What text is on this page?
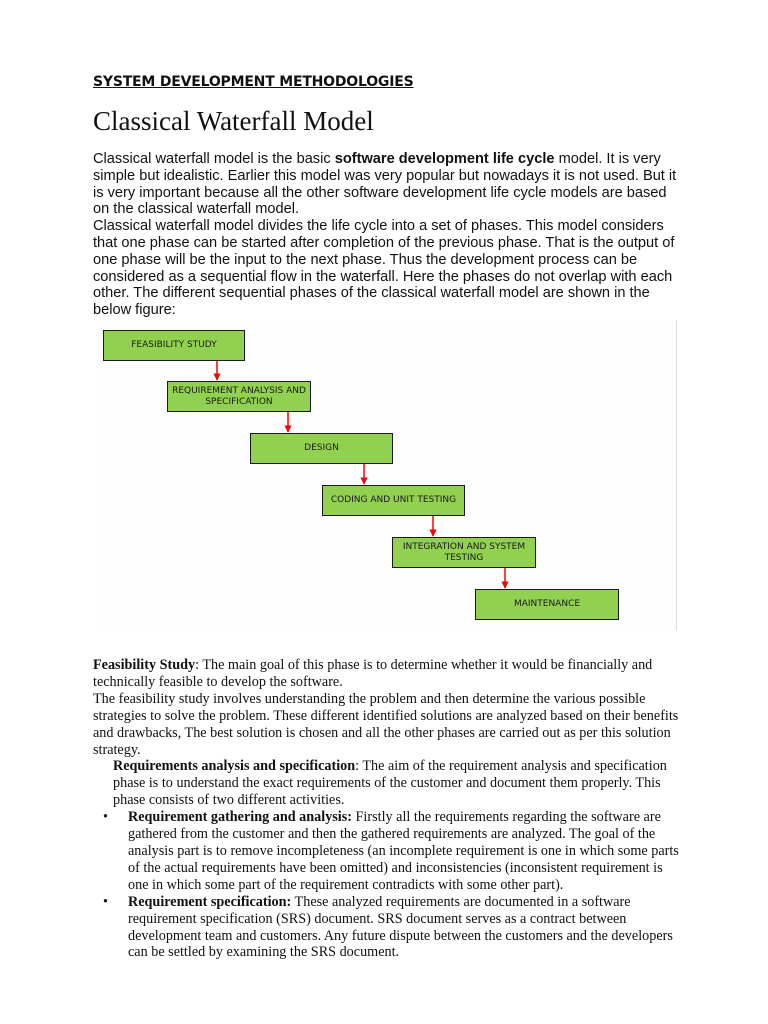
SYSTEM DEVELOPMENT METHODOLOGIES
Classical Waterfall Model

Classical waterfall model is the basic software development life cycle model. It is very simple but idealistic. Earlier this model was very popular but nowadays it is not used. But it is very important because all the other software development life cycle models are based on the classical waterfall model.

Classical waterfall model divides the life cycle into a set of phases. This model considers that one phase can be started after completion of the previous phase. That is the output of one phase will be the input to the next phase. Thus the development process can be considered as a sequential flow in the waterfall. Here the phases do not overlap with each other. The different sequential phases of the classical waterfall model are shown in the below figure:

FEASIBILITY STUDY
REQUIREMENT ANALYSIS AND SPECIFICATION
DESIGN
CODING AND UNIT TESTING
INTEGRATION AND SYSTEM TESTING
MAINTENANCE

Feasibility Study: The main goal of this phase is to determine whether it would be financially and technically feasible to develop the software.

The feasibility study involves understanding the problem and then determine the various possible strategies to solve the problem. These different identified solutions are analyzed based on their benefits and drawbacks, The best solution is chosen and all the other phases are carried out as per this solution strategy.

Requirements analysis and specification: The aim of the requirement analysis and specification phase is to understand the exact requirements of the customer and document them properly. This phase consists of two different activities.

• Requirement gathering and analysis: Firstly all the requirements regarding the software are gathered from the customer and then the gathered requirements are analyzed. The goal of the analysis part is to remove incompleteness (an incomplete requirement is one in which some parts of the actual requirements have been omitted) and inconsistencies (inconsistent requirement is one in which some part of the requirement contradicts with some other part).
• Requirement specification: These analyzed requirements are documented in a software requirement specification (SRS) document. SRS document serves as a contract between development team and customers. Any future dispute between the customers and the developers can be settled by examining the SRS document.
